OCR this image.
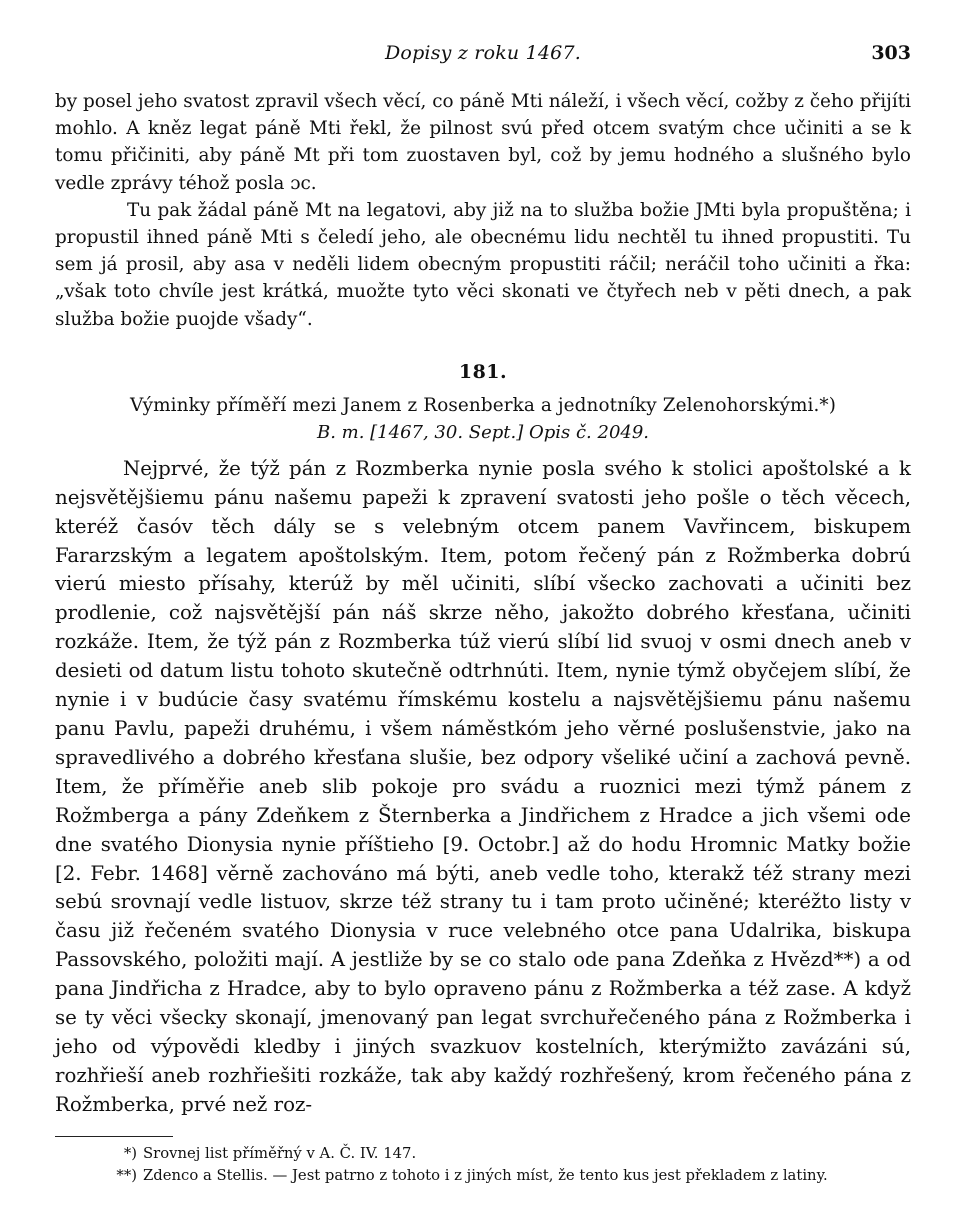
Dopisy z roku 1467.	303

by posel jeho svatost zpravil všech věcí, co páně Mti náleží, i všech věcí, cožby z čeho přijíti mohlo. A kněz legat páně Mti řekl, že pilnost svú před otcem svatým chce učiniti a se k tomu přičiniti, aby páně Mt při tom zuostaven byl, což by jemu hodného a slušného bylo vedle zprávy téhož posla ɔc.

Tu pak žádal páně Mt na legatovi, aby již na to služba božie JMti byla propuštěna; i propustil ihned páně Mti s čeledí jeho, ale obecnému lidu nechtěl tu ihned propustiti. Tu sem já prosil, aby asa v neděli lidem obecným propustiti ráčil; neráčil toho učiniti a řka: „však toto chvíle jest krátká, muožte tyto věci skonati ve čtyřech neb v pěti dnech, a pak služba božie puojde všady“.

181.
Výminky příměří mezi Janem z Rosenberka a jednotníky Zelenohorskými.*)
B. m. [1467, 30. Sept.] Opis č. 2049.

Nejprvé, že týž pán z Rozmberka nynie posla svého k stolici apoštolské a k nejsvětějšiemu pánu našemu papeži k zpravení svatosti jeho pošle o těch věcech, kteréž časóv těch dály se s velebným otcem panem Vavřincem, biskupem Fararzským a legatem apoštolským. Item, potom řečený pán z Rožmberka dobrú vierú miesto přísahy, kterúž by měl učiniti, slíbí všecko zachovati a učiniti bez prodlenie, což najsvětější pán náš skrze něho, jakožto dobrého křesťana, učiniti rozkáže. Item, že týž pán z Rozmberka túž vierú slíbí lid svuoj v osmi dnech aneb v desieti od datum listu tohoto skutečně odtrhnúti. Item, nynie týmž obyčejem slíbí, že nynie i v budúcie časy svatému římskému kostelu a najsvětějšiemu pánu našemu panu Pavlu, papeži druhému, i všem náměstkóm jeho věrné poslušenstvie, jako na spravedlivého a dobrého křesťana slušie, bez odpory všeliké učiní a zachová pevně. Item, že příměřie aneb slib pokoje pro svádu a ruoznici mezi týmž pánem z Rožmberga a pány Zdeňkem z Šternberka a Jindřichem z Hradce a jich všemi ode dne svatého Dionysia nynie příštieho [9. Octobr.] až do hodu Hromnic Matky božie [2. Febr. 1468] věrně zachováno má býti, aneb vedle toho, kterakž též strany mezi sebú srovnají vedle listuov, skrze též strany tu i tam proto učiněné; kteréžto listy v času již řečeném svatého Dionysia v ruce velebného otce pana Udalrika, biskupa Passovského, položiti mají. A jestliže by se co stalo ode pana Zdeňka z Hvězd**) a od pana Jindřicha z Hradce, aby to bylo opraveno pánu z Rožmberka a též zase. A když se ty věci všecky skonají, jmenovaný pan legat svrchuřečeného pána z Rožmberka i jeho od výpovědi kledby i jiných svazkuov kostelních, kterýmižto zavázáni sú, rozhřieší aneb rozhřiešiti rozkáže, tak aby každý rozhřešený, krom řečeného pána z Rožmberka, prvé než roz-

*) Srovnej list příměřný v A. Č. IV. 147.

**) Zdenco a Stellis. — Jest patrno z tohoto i z jiných míst, že tento kus jest překladem z latiny.
